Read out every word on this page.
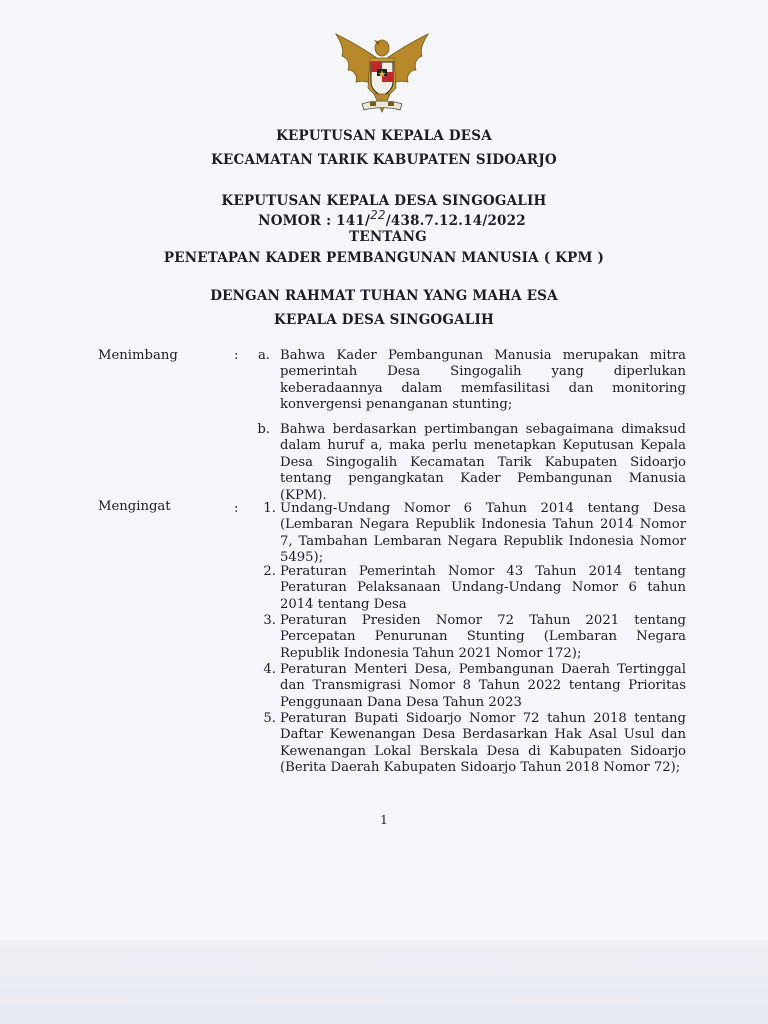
KEPUTUSAN KEPALA DESA
KECAMATAN TARIK KABUPATEN SIDOARJO
KEPUTUSAN KEPALA DESA SINGOGALIH
NOMOR : 141/22/438.7.12.14/2022
TENTANG
PENETAPAN KADER PEMBANGUNAN MANUSIA ( KPM )
DENGAN RAHMAT TUHAN YANG MAHA ESA
KEPALA DESA SINGOGALIH
Menimbang	:	a. Bahwa Kader Pembangunan Manusia merupakan mitra pemerintah Desa Singogalih yang diperlukan keberadaannya dalam memfasilitasi dan monitoring konvergensi penanganan stunting;

b. Bahwa berdasarkan pertimbangan sebagaimana dimaksud dalam huruf a, maka perlu menetapkan Keputusan Kepala Desa Singogalih Kecamatan Tarik Kabupaten Sidoarjo tentang pengangkatan Kader Pembangunan Manusia (KPM).

Mengingat	:	1. Undang-Undang Nomor 6 Tahun 2014 tentang Desa (Lembaran Negara Republik Indonesia Tahun 2014 Nomor 7, Tambahan Lembaran Negara Republik Indonesia Nomor 5495);

2. Peraturan Pemerintah Nomor 43 Tahun 2014 tentang Peraturan Pelaksanaan Undang-Undang Nomor 6 tahun 2014 tentang Desa

3. Peraturan Presiden Nomor 72 Tahun 2021 tentang Percepatan Penurunan Stunting (Lembaran Negara Republik Indonesia Tahun 2021 Nomor 172);

4. Peraturan Menteri Desa, Pembangunan Daerah Tertinggal dan Transmigrasi Nomor 8 Tahun 2022 tentang Prioritas Penggunaan Dana Desa Tahun 2023

5. Peraturan Bupati Sidoarjo Nomor 72 tahun 2018 tentang Daftar Kewenangan Desa Berdasarkan Hak Asal Usul dan Kewenangan Lokal Berskala Desa di Kabupaten Sidoarjo (Berita Daerah Kabupaten Sidoarjo Tahun 2018 Nomor 72);

1
